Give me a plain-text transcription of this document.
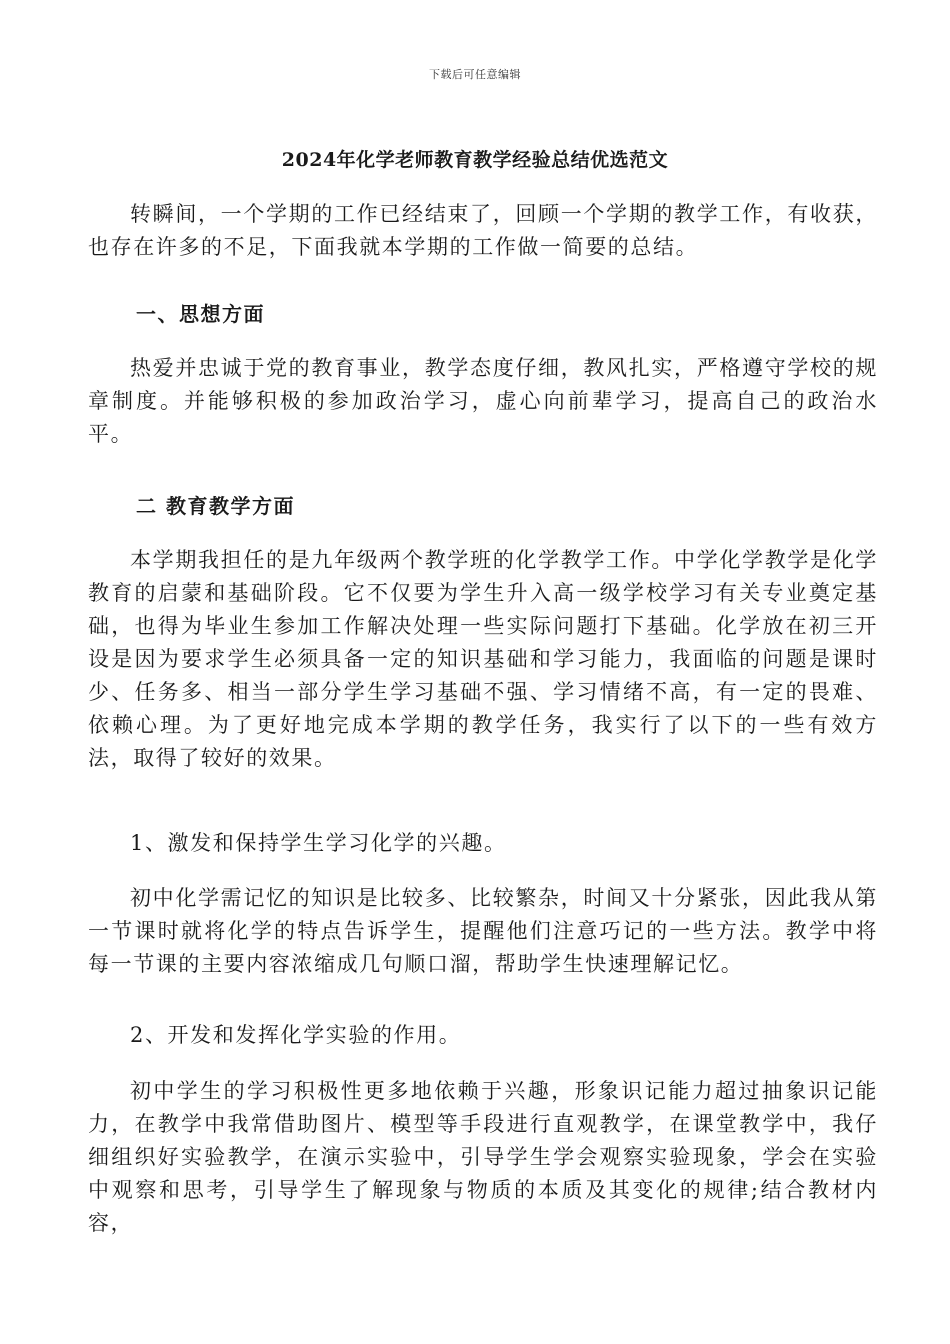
下载后可任意编辑
2024年化学老师教育教学经验总结优选范文

转瞬间，一个学期的工作已经结束了，回顾一个学期的教学工作，有收获，也存在许多的不足，下面我就本学期的工作做一简要的总结。

一、思想方面

热爱并忠诚于党的教育事业，教学态度仔细，教风扎实，严格遵守学校的规章制度。并能够积极的参加政治学习，虚心向前辈学习，提高自己的政治水平。

二 教育教学方面

本学期我担任的是九年级两个教学班的化学教学工作。中学化学教学是化学教育的启蒙和基础阶段。它不仅要为学生升入高一级学校学习有关专业奠定基础，也得为毕业生参加工作解决处理一些实际问题打下基础。化学放在初三开设是因为要求学生必须具备一定的知识基础和学习能力，我面临的问题是课时少、任务多、相当一部分学生学习基础不强、学习情绪不高，有一定的畏难、依赖心理。为了更好地完成本学期的教学任务，我实行了以下的一些有效方法，取得了较好的效果。

1、激发和保持学生学习化学的兴趣。

初中化学需记忆的知识是比较多、比较繁杂，时间又十分紧张，因此我从第一节课时就将化学的特点告诉学生，提醒他们注意巧记的一些方法。教学中将每一节课的主要内容浓缩成几句顺口溜，帮助学生快速理解记忆。

2、开发和发挥化学实验的作用。

初中学生的学习积极性更多地依赖于兴趣，形象识记能力超过抽象识记能力，在教学中我常借助图片、模型等手段进行直观教学，在课堂教学中，我仔细组织好实验教学，在演示实验中，引导学生学会观察实验现象，学会在实验中观察和思考，引导学生了解现象与物质的本质及其变化的规律;结合教材内容，
